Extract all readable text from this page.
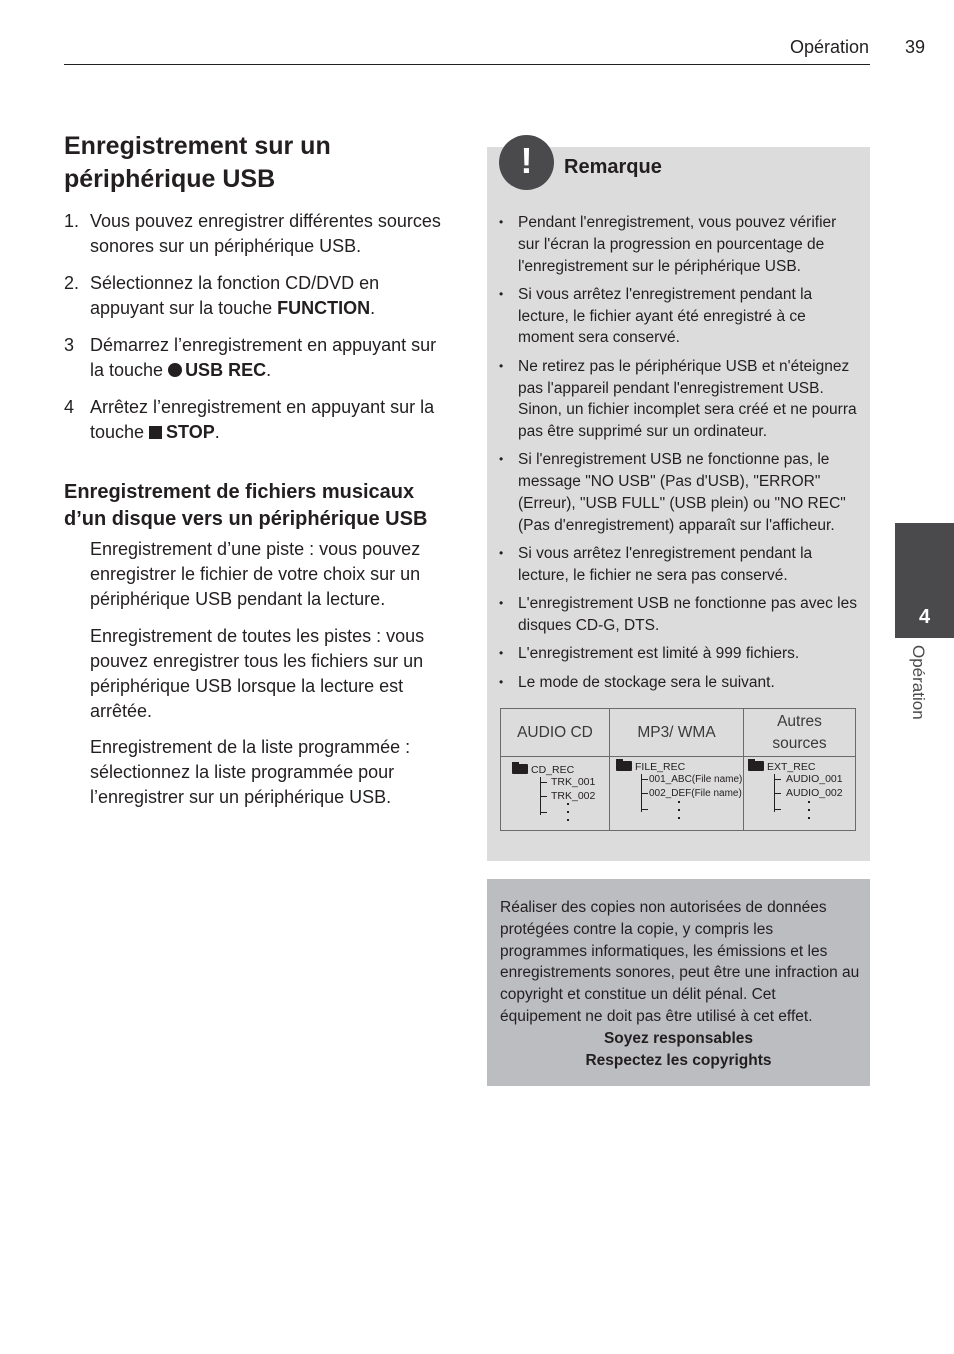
Opération 39
Enregistrement sur un périphérique USB
1. Vous pouvez enregistrer différentes sources sonores sur un périphérique USB.
2. Sélectionnez la fonction CD/DVD en appuyant sur la touche FUNCTION.
3 Démarrez l’enregistrement en appuyant sur la touche USB REC.
4 Arrêtez l’enregistrement en appuyant sur la touche STOP.
Enregistrement de fichiers musicaux d’un disque vers un périphérique USB
Enregistrement d’une piste : vous pouvez enregistrer le fichier de votre choix sur un périphérique USB pendant la lecture.
Enregistrement de toutes les pistes : vous pouvez enregistrer tous les fichiers sur un périphérique USB lorsque la lecture est arrêtée.
Enregistrement de la liste programmée : sélectionnez la liste programmée pour l’enregistrer sur un périphérique USB.
!	Remarque
• Pendant l'enregistrement, vous pouvez vérifier sur l'écran la progression en pourcentage de l'enregistrement sur le périphérique USB.
• Si vous arrêtez l'enregistrement pendant la lecture, le fichier ayant été enregistré à ce moment sera conservé.
• Ne retirez pas le périphérique USB et n'éteignez pas l'appareil pendant l'enregistrement USB. Sinon, un fichier incomplet sera créé et ne pourra pas être supprimé sur un ordinateur.
• Si l'enregistrement USB ne fonctionne pas, le message "NO USB" (Pas d'USB), "ERROR" (Erreur), "USB FULL" (USB plein) ou "NO REC" (Pas d'enregistrement) apparaît sur l'afficheur.
• Si vous arrêtez l'enregistrement pendant la lecture, le fichier ne sera pas conservé.
• L'enregistrement USB ne fonctionne pas avec les disques CD-G, DTS.
• L'enregistrement est limité à 999 fichiers.
• Le mode de stockage sera le suivant.
AUDIO CD
CD_REC
TRK_001
TRK_002
MP3/ WMA
FILE_REC
001_ABC(File name)
002_DEF(File name)
Autres sources
EXT_REC
AUDIO_001
AUDIO_002
Réaliser des copies non autorisées de données protégées contre la copie, y compris les programmes informatiques, les émissions et les enregistrements sonores, peut être une infraction au copyright et constitue un délit pénal. Cet équipement ne doit pas être utilisé à cet effet.
Soyez responsables
Respectez les copyrights
4
Opération
